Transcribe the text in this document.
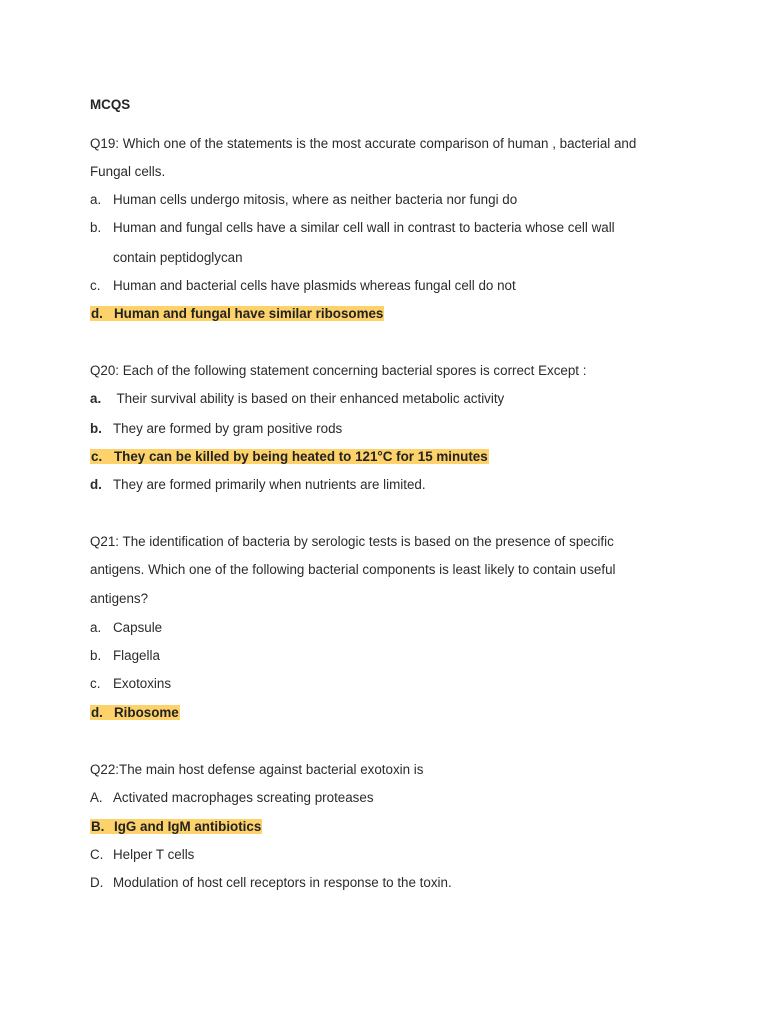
MCQS
Q19: Which one of the statements is the most accurate comparison of human , bacterial and
Fungal cells.
a. Human cells undergo mitosis, where as neither bacteria nor fungi do
b. Human and fungal cells have a similar cell wall in contrast to bacteria whose cell wall
contain peptidoglycan
c. Human and bacterial cells have plasmids whereas fungal cell do not
d. Human and fungal have similar ribosomes
Q20: Each of the following statement concerning bacterial spores is correct Except :
a. Their survival ability is based on their enhanced metabolic activity
b. They are formed by gram positive rods
c. They can be killed by being heated to 121°C for 15 minutes
d. They are formed primarily when nutrients are limited.
Q21: The identification of bacteria by serologic tests is based on the presence of specific
antigens. Which one of the following bacterial components is least likely to contain useful
antigens?
a. Capsule
b. Flagella
c. Exotoxins
d. Ribosome
Q22:The main host defense against bacterial exotoxin is
A. Activated macrophages screating proteases
B. IgG and IgM antibiotics
C. Helper T cells
D. Modulation of host cell receptors in response to the toxin.
